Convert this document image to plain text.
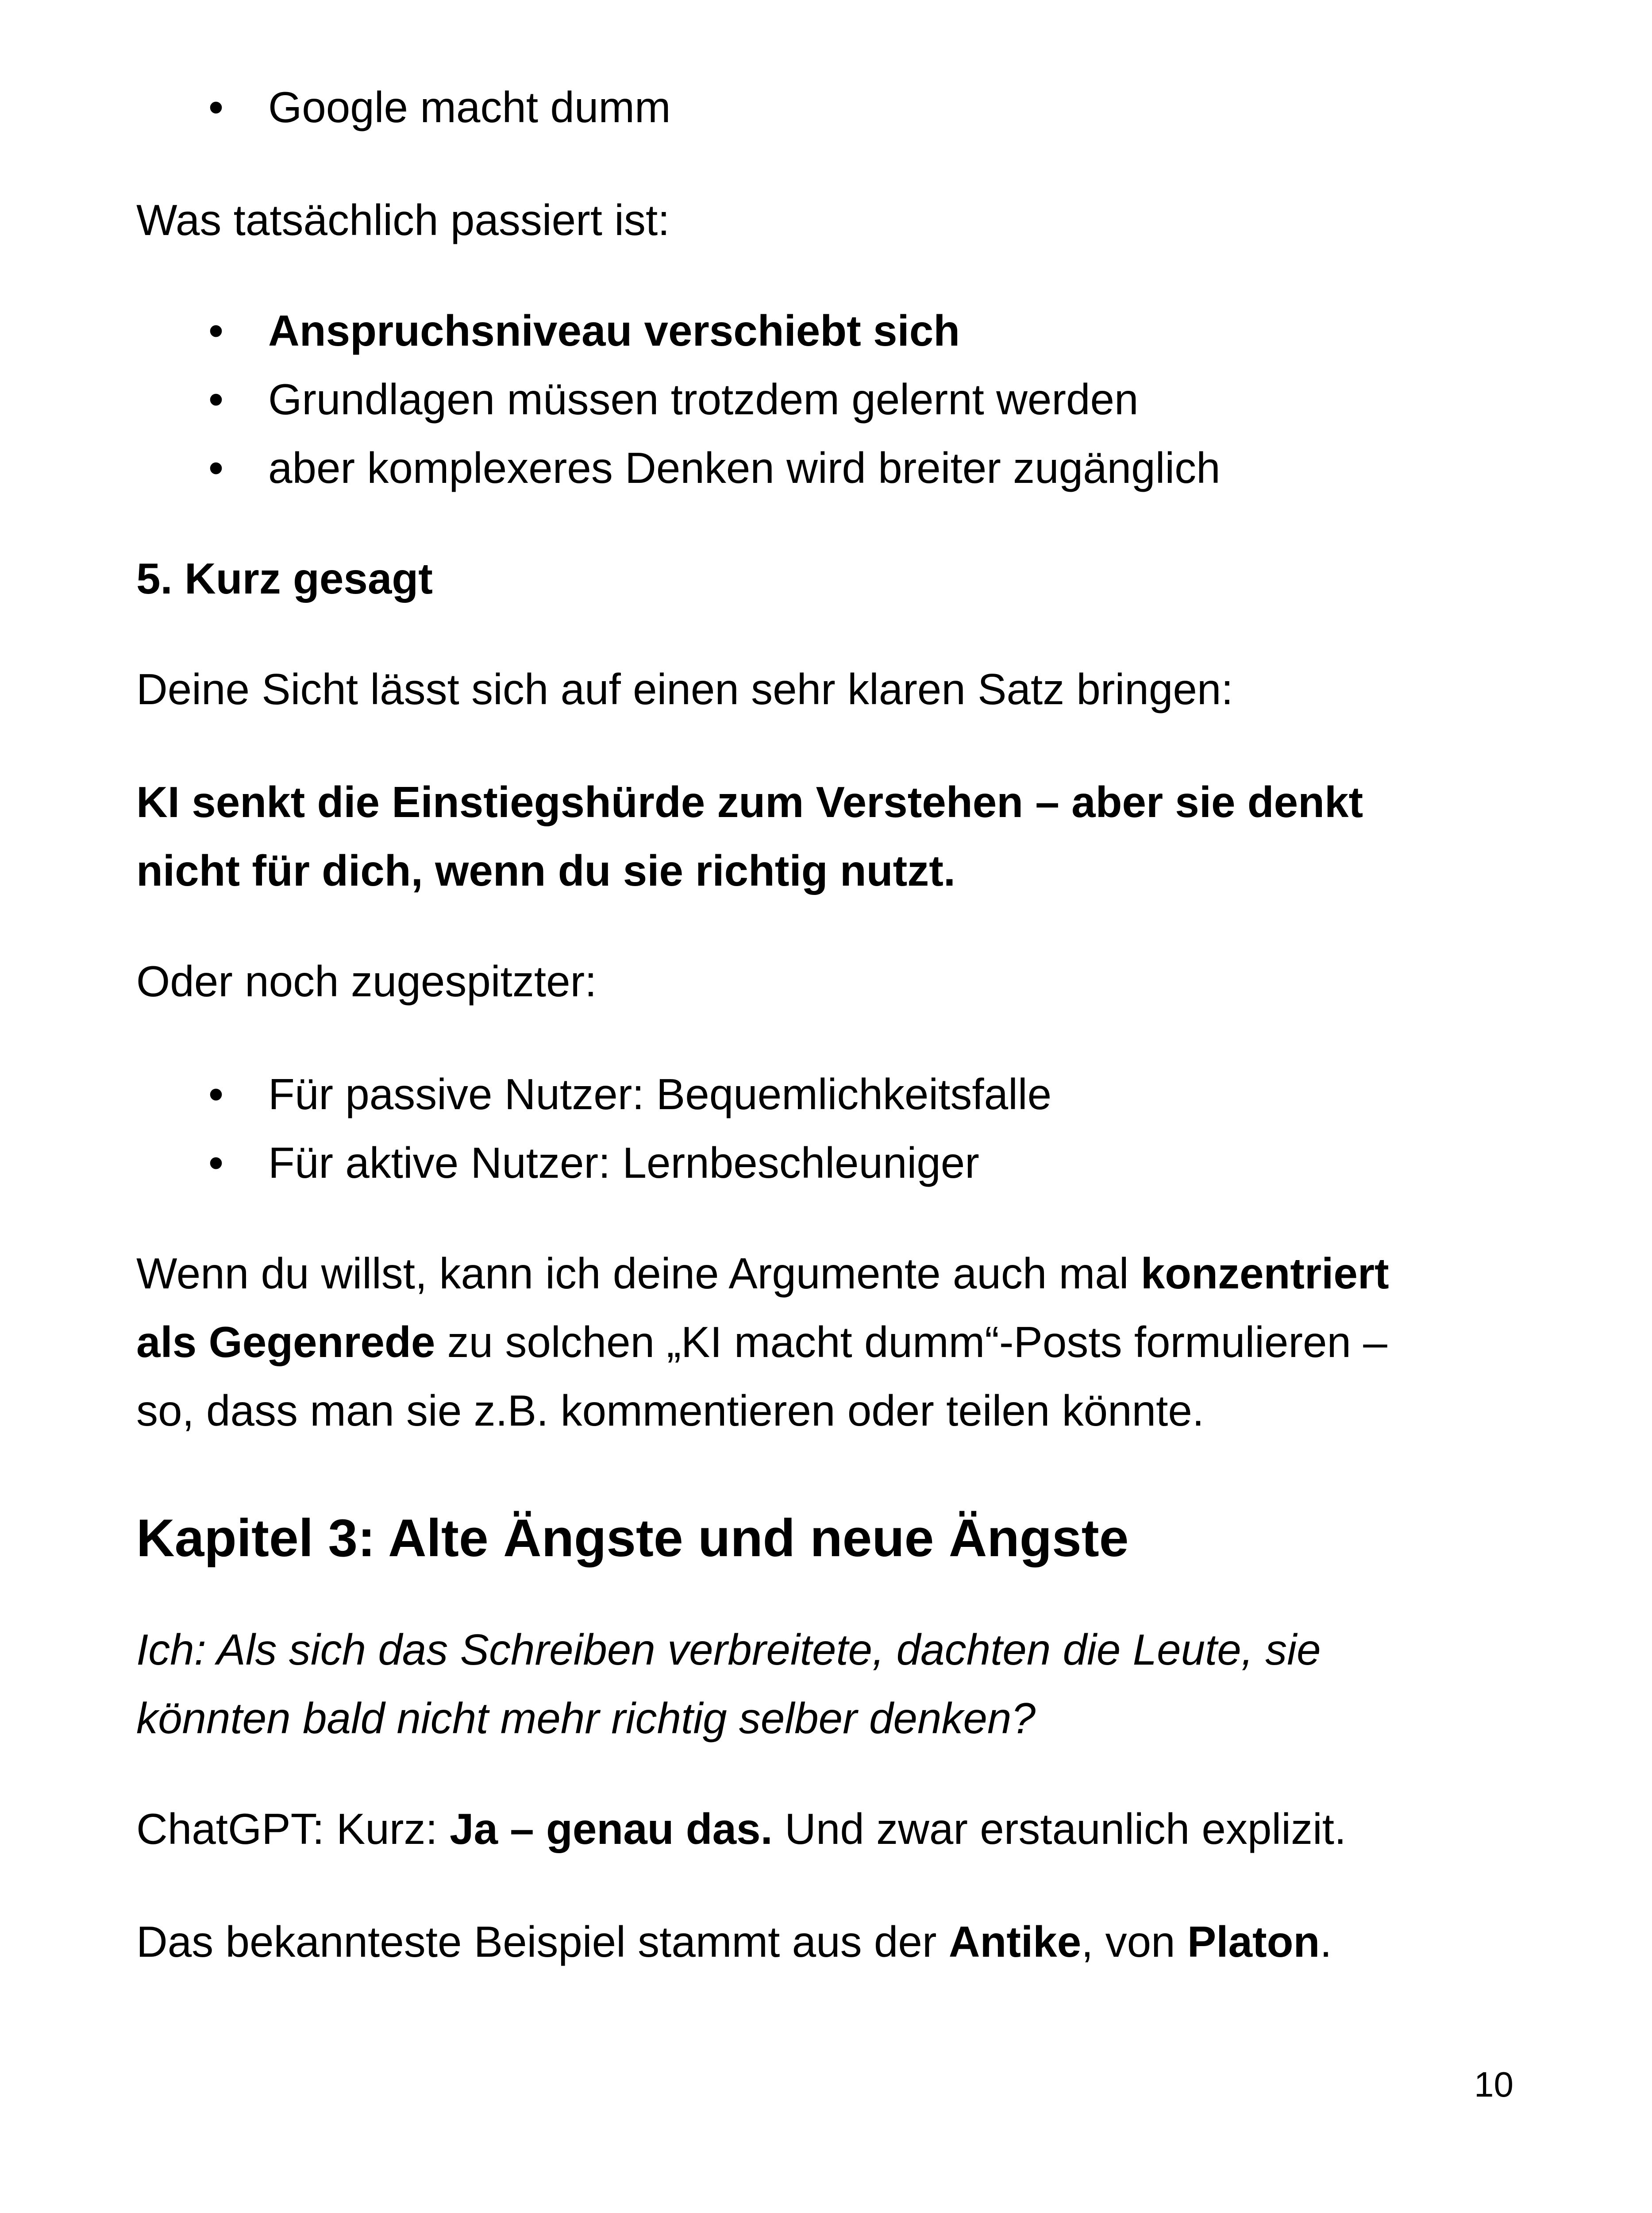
• Google macht dumm
Was tatsächlich passiert ist:
• Anspruchsniveau verschiebt sich
• Grundlagen müssen trotzdem gelernt werden
• aber komplexeres Denken wird breiter zugänglich
5. Kurz gesagt
Deine Sicht lässt sich auf einen sehr klaren Satz bringen:
KI senkt die Einstiegshürde zum Verstehen – aber sie denkt
nicht für dich, wenn du sie richtig nutzt.
Oder noch zugespitzter:
• Für passive Nutzer: Bequemlichkeitsfalle
• Für aktive Nutzer: Lernbeschleuniger
Wenn du willst, kann ich deine Argumente auch mal konzentriert
als Gegenrede zu solchen „KI macht dumm“-Posts formulieren –
so, dass man sie z.B. kommentieren oder teilen könnte.
Kapitel 3: Alte Ängste und neue Ängste
Ich: Als sich das Schreiben verbreitete, dachten die Leute, sie
könnten bald nicht mehr richtig selber denken?
ChatGPT: Kurz: Ja – genau das. Und zwar erstaunlich explizit.
Das bekannteste Beispiel stammt aus der Antike, von Platon.
10
